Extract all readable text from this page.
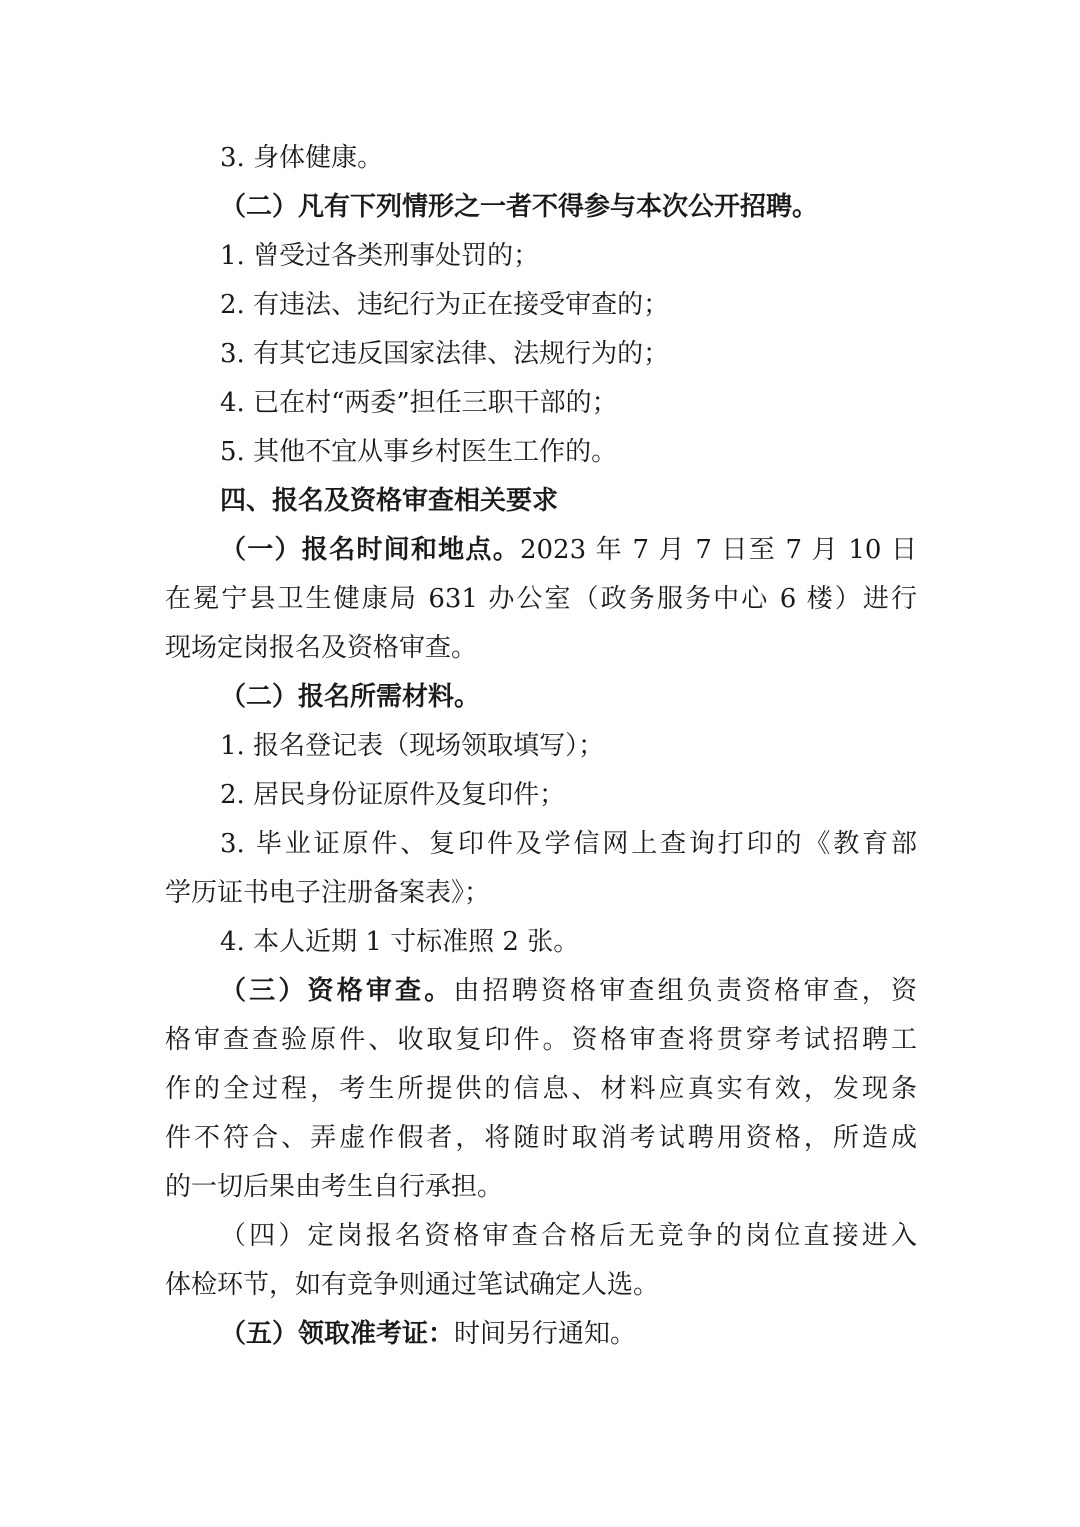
3. 身体健康。
（二）凡有下列情形之一者不得参与本次公开招聘。
1. 曾受过各类刑事处罚的；
2. 有违法、违纪行为正在接受审查的；
3. 有其它违反国家法律、法规行为的；
4. 已在村“两委”担任三职干部的；
5. 其他不宜从事乡村医生工作的。
四、报名及资格审查相关要求
（一）报名时间和地点。2023 年 7 月 7 日至 7 月 10 日
在冕宁县卫生健康局 631 办公室（政务服务中心 6 楼）进行
现场定岗报名及资格审查。
（二）报名所需材料。
1. 报名登记表（现场领取填写）；
2. 居民身份证原件及复印件；
3. 毕业证原件、复印件及学信网上查询打印的《教育部
学历证书电子注册备案表》；
4. 本人近期 1 寸标准照 2 张。
（三）资格审查。由招聘资格审查组负责资格审查，资
格审查查验原件、收取复印件。资格审查将贯穿考试招聘工
作的全过程，考生所提供的信息、材料应真实有效，发现条
件不符合、弄虚作假者，将随时取消考试聘用资格，所造成
的一切后果由考生自行承担。
（四）定岗报名资格审查合格后无竞争的岗位直接进入
体检环节，如有竞争则通过笔试确定人选。
（五）领取准考证：时间另行通知。
